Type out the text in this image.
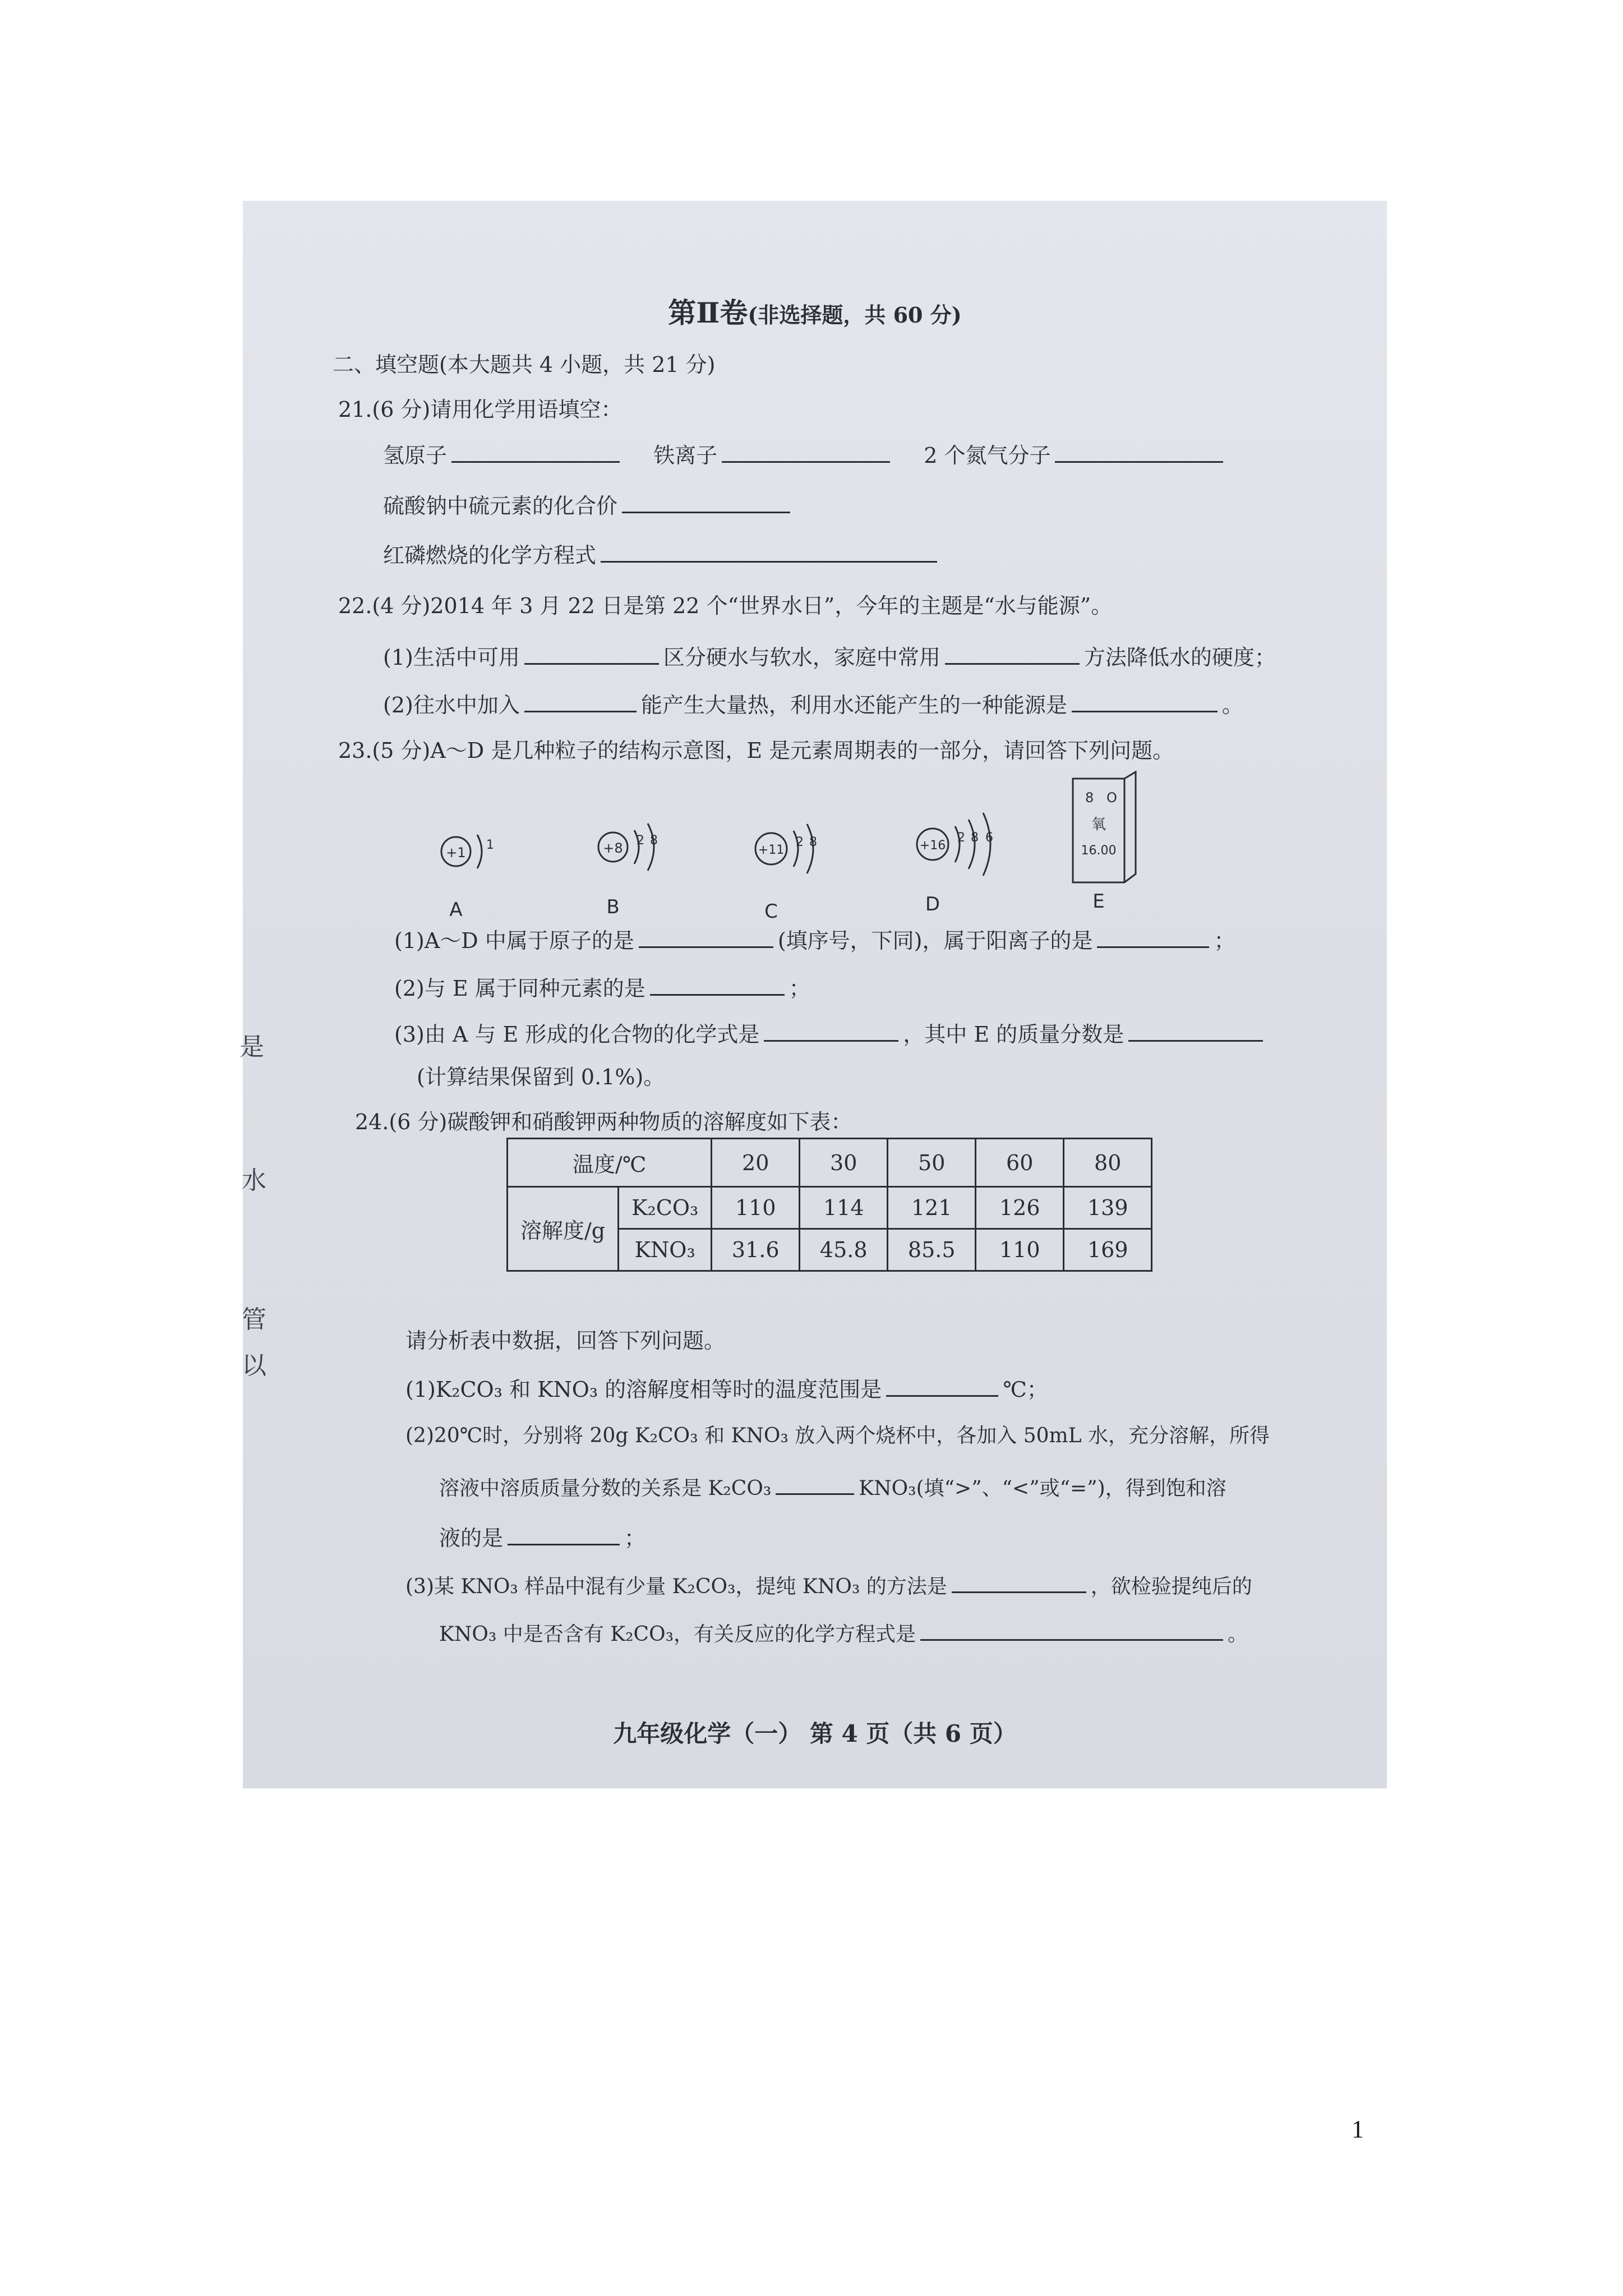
是
水
管
以
第Ⅱ卷(非选择题，共 60 分)
二、填空题(本大题共 4 小题，共 21 分)
21.(6 分)请用化学用语填空：
氢原子	铁离子	2 个氮气分子
硫酸钠中硫元素的化合价
红磷燃烧的化学方程式
22.(4 分)2014 年 3 月 22 日是第 22 个“世界水日”，今年的主题是“水与能源”。
(1)生活中可用	区分硬水与软水，家庭中常用	方法降低水的硬度；
(2)往水中加入	能产生大量热，利用水还能产生的一种能源是	。
23.(5 分)A～D 是几种粒子的结构示意图，E 是元素周期表的一部分，请回答下列问题。
+1 1
A
+8 2 8
B
+11
2 8
C
+16
2 8 6
D
8 O
氧
16.00
E
(1)A～D 中属于原子的是	(填序号，下同)，属于阳离子的是	；
(2)与 E 属于同种元素的是	；
(3)由 A 与 E 形成的化合物的化学式是	，其中 E 的质量分数是
(计算结果保留到 0.1%)。
24.(6 分)碳酸钾和硝酸钾两种物质的溶解度如下表：
温度/℃		20	30	50	60	80
溶解度/g	K₂CO₃	110	114	121	126	139
	KNO₃	31.6	45.8	85.5	110	169
请分析表中数据，回答下列问题。
(1)K₂CO₃ 和 KNO₃ 的溶解度相等时的温度范围是	℃；
(2)20℃时，分别将 20g K₂CO₃ 和 KNO₃ 放入两个烧杯中，各加入 50mL 水，充分溶解，所得
溶液中溶质质量分数的关系是 K₂CO₃	KNO₃(填“>”、“<”或“=”)，得到饱和溶
液的是	；
(3)某 KNO₃ 样品中混有少量 K₂CO₃，提纯 KNO₃ 的方法是	，欲检验提纯后的
KNO₃ 中是否含有 K₂CO₃，有关反应的化学方程式是	。
九年级化学（一） 第 4 页（共 6 页）
1
